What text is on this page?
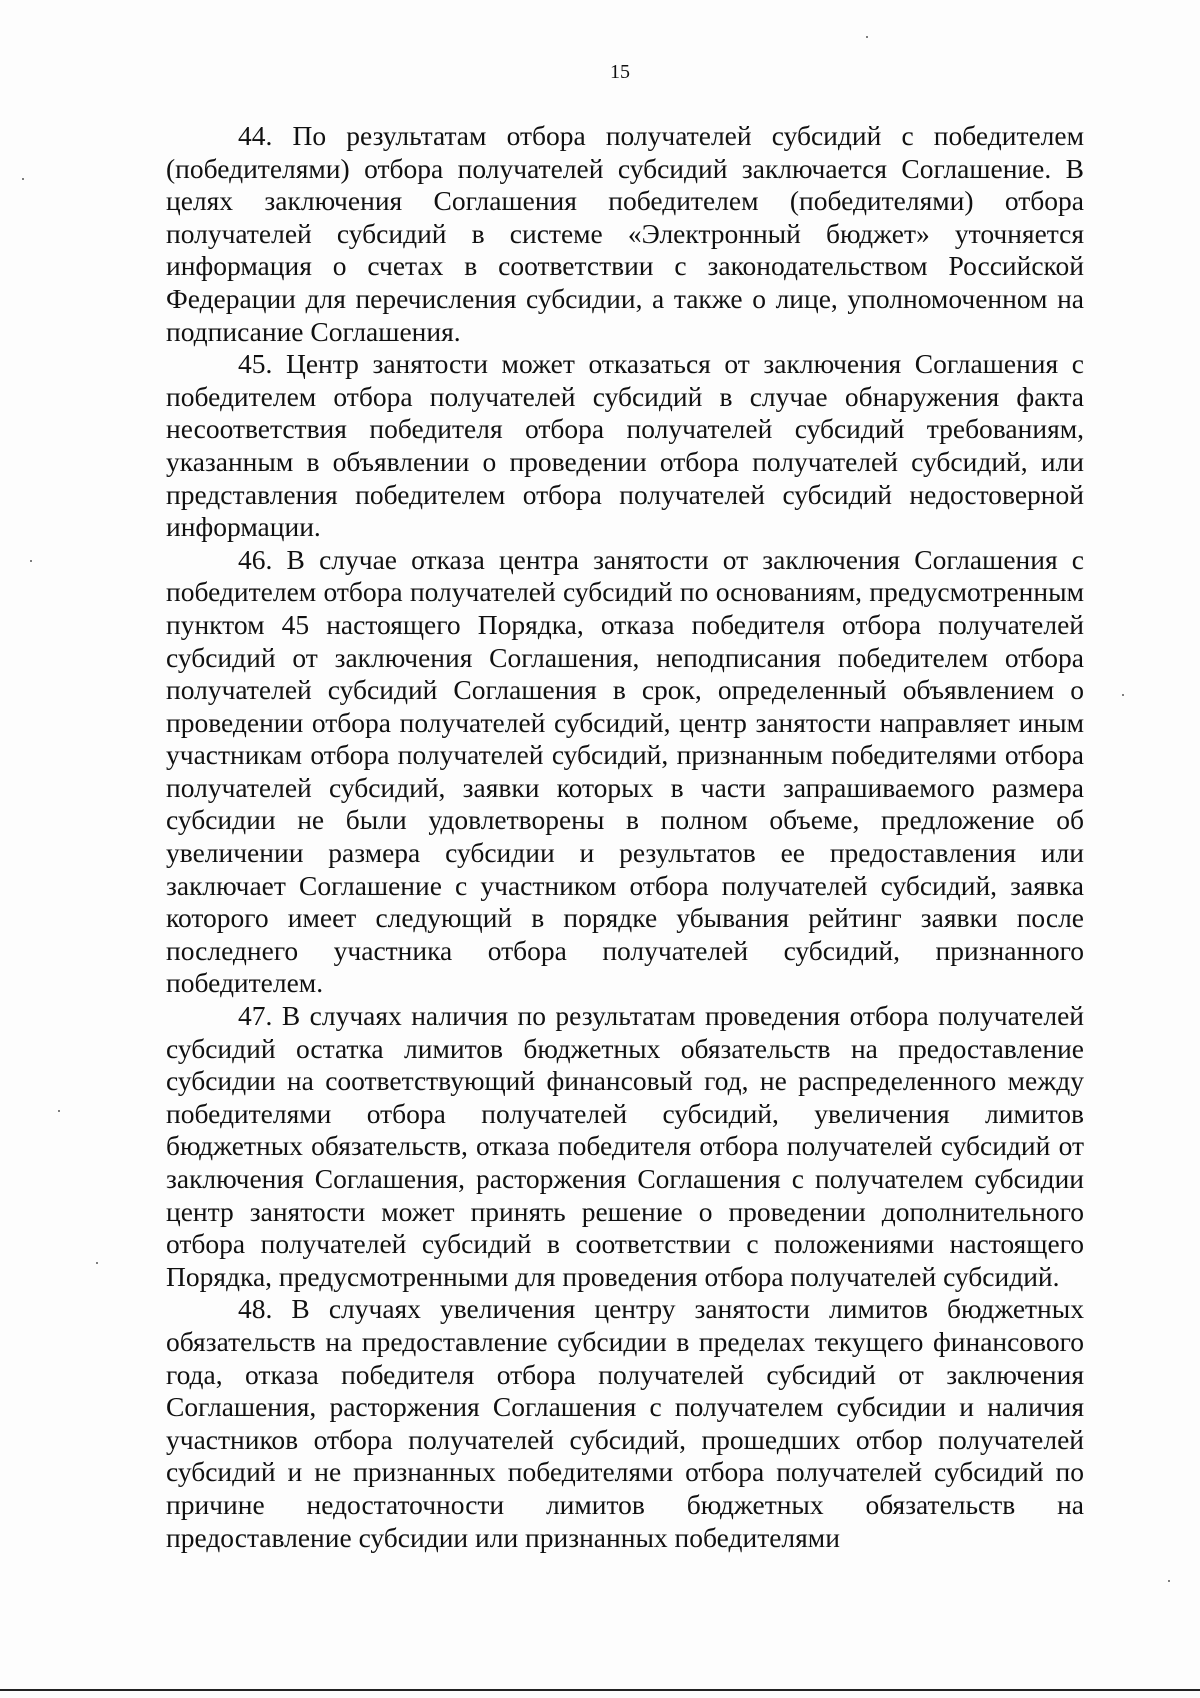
15

44. По результатам отбора получателей субсидий с победителем (победителями) отбора получателей субсидий заключается Соглашение. В целях заключения Соглашения победителем (победителями) отбора получателей субсидий в системе «Электронный бюджет» уточняется информация о счетах в соответствии с законодательством Российской Федерации для перечисления субсидии, а также о лице, уполномоченном на подписание Соглашения.

45. Центр занятости может отказаться от заключения Соглашения с победителем отбора получателей субсидий в случае обнаружения факта несоответствия победителя отбора получателей субсидий требованиям, указанным в объявлении о проведении отбора получателей субсидий, или представления победителем отбора получателей субсидий недостоверной информации.

46. В случае отказа центра занятости от заключения Соглашения с победителем отбора получателей субсидий по основаниям, предусмотренным пунктом 45 настоящего Порядка, отказа победителя отбора получателей субсидий от заключения Соглашения, неподписания победителем отбора получателей субсидий Соглашения в срок, определенный объявлением о проведении отбора получателей субсидий, центр занятости направляет иным участникам отбора получателей субсидий, признанным победителями отбора получателей субсидий, заявки которых в части запрашиваемого размера субсидии не были удовлетворены в полном объеме, предложение об увеличении размера субсидии и результатов ее предоставления или заключает Соглашение с участником отбора получателей субсидий, заявка которого имеет следующий в порядке убывания рейтинг заявки после последнего участника отбора получателей субсидий, признанного победителем.

47. В случаях наличия по результатам проведения отбора получателей субсидий остатка лимитов бюджетных обязательств на предоставление субсидии на соответствующий финансовый год, не распределенного между победителями отбора получателей субсидий, увеличения лимитов бюджетных обязательств, отказа победителя отбора получателей субсидий от заключения Соглашения, расторжения Соглашения с получателем субсидии центр занятости может принять решение о проведении дополнительного отбора получателей субсидий в соответствии с положениями настоящего Порядка, предусмотренными для проведения отбора получателей субсидий.

48. В случаях увеличения центру занятости лимитов бюджетных обязательств на предоставление субсидии в пределах текущего финансового года, отказа победителя отбора получателей субсидий от заключения Соглашения, расторжения Соглашения с получателем субсидии и наличия участников отбора получателей субсидий, прошедших отбор получателей субсидий и не признанных победителями отбора получателей субсидий по причине недостаточности лимитов бюджетных обязательств на предоставление субсидии или признанных победителями
